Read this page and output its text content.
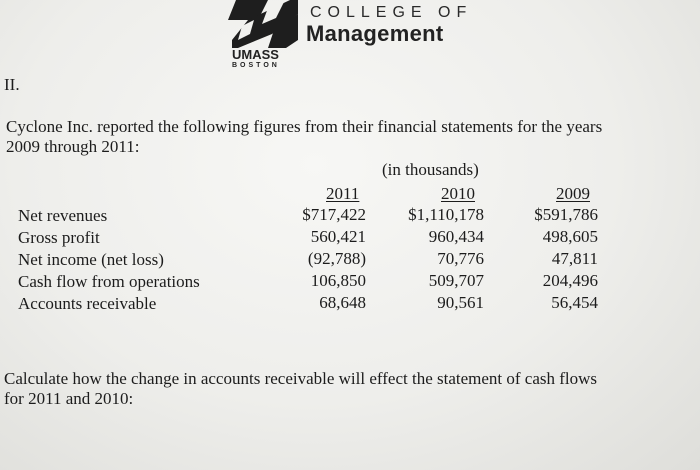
UMASS
BOSTON
COLLEGE OF
Management
II.
Cyclone Inc. reported the following figures from their financial statements for the years
2009 through 2011:
(in thousands)
2011	2010	2009
Net revenues	$717,422 $1,110,178	$591,786
Gross profit	560,421	960,434	498,605
Net income (net loss)	(92,788)	70,776	47,811
Cash flow from operations	106,850	509,707	204,496
Accounts receivable	68,648	90,561	56,454
Calculate how the change in accounts receivable will effect the statement of cash flows
for 2011 and 2010:
